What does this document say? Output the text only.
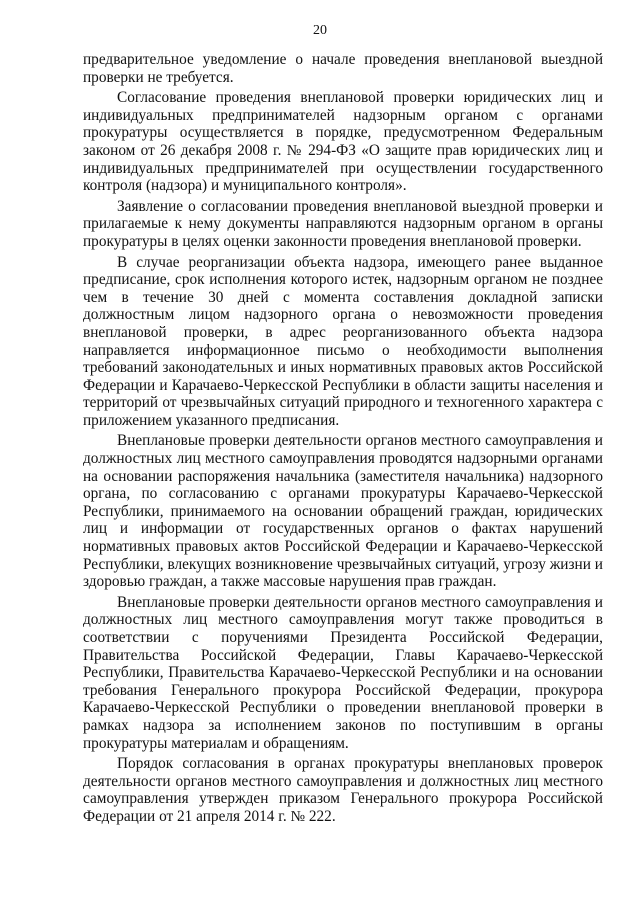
20

предварительное уведомление о начале проведения внеплановой выездной проверки не требуется.

Согласование проведения внеплановой проверки юридических лиц и индивидуальных предпринимателей надзорным органом с органами прокуратуры осуществляется в порядке, предусмотренном Федеральным законом от 26 декабря 2008 г. № 294-ФЗ «О защите прав юридических лиц и индивидуальных предпринимателей при осуществлении государственного контроля (надзора) и муниципального контроля».

Заявление о согласовании проведения внеплановой выездной проверки и прилагаемые к нему документы направляются надзорным органом в органы прокуратуры в целях оценки законности проведения внеплановой проверки.

В случае реорганизации объекта надзора, имеющего ранее выданное предписание, срок исполнения которого истек, надзорным органом не позднее чем в течение 30 дней с момента составления докладной записки должностным лицом надзорного органа о невозможности проведения внеплановой проверки, в адрес реорганизованного объекта надзора направляется информационное письмо о необходимости выполнения требований законодательных и иных нормативных правовых актов Российской Федерации и Карачаево-Черкесской Республики в области защиты населения и территорий от чрезвычайных ситуаций природного и техногенного характера с приложением указанного предписания.

Внеплановые проверки деятельности органов местного самоуправления и должностных лиц местного самоуправления проводятся надзорными органами на основании распоряжения начальника (заместителя начальника) надзорного органа, по согласованию с органами прокуратуры Карачаево-Черкесской Республики, принимаемого на основании обращений граждан, юридических лиц и информации от государственных органов о фактах нарушений нормативных правовых актов Российской Федерации и Карачаево-Черкесской Республики, влекущих возникновение чрезвычайных ситуаций, угрозу жизни и здоровью граждан, а также массовые нарушения прав граждан.

Внеплановые проверки деятельности органов местного самоуправления и должностных лиц местного самоуправления могут также проводиться в соответствии с поручениями Президента Российской Федерации, Правительства Российской Федерации, Главы Карачаево-Черкесской Республики, Правительства Карачаево-Черкесской Республики и на основании требования Генерального прокурора Российской Федерации, прокурора Карачаево-Черкесской Республики о проведении внеплановой проверки в рамках надзора за исполнением законов по поступившим в органы прокуратуры материалам и обращениям.

Порядок согласования в органах прокуратуры внеплановых проверок деятельности органов местного самоуправления и должностных лиц местного самоуправления утвержден приказом Генерального прокурора Российской Федерации от 21 апреля 2014 г. № 222.
